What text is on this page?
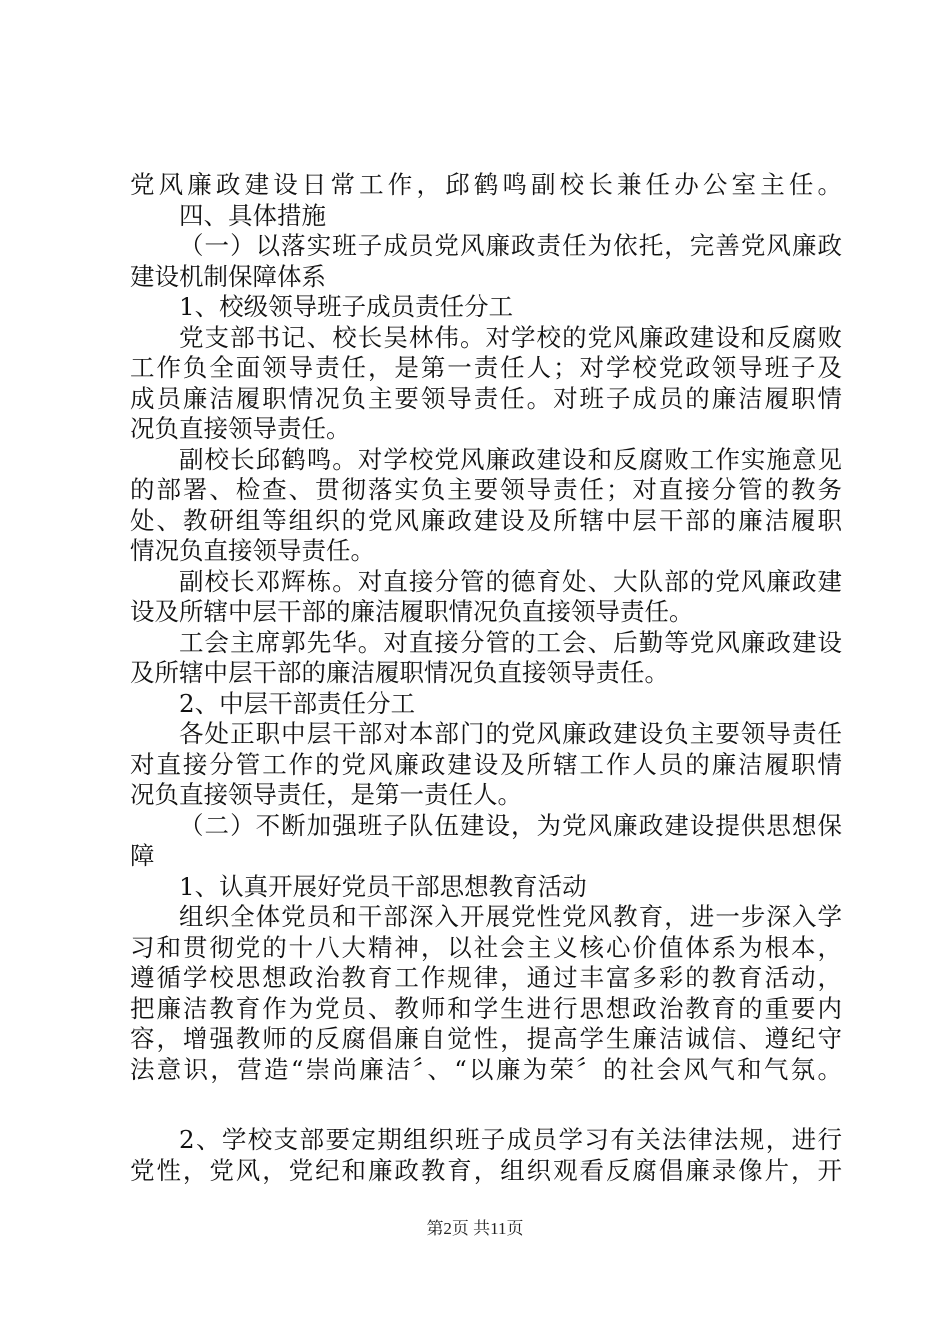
党风廉政建设日常工作，邱鹤鸣副校长兼任办公室主任。
四、具体措施
（一）以落实班子成员党风廉政责任为依托，完善党风廉政
建设机制保障体系
1、校级领导班子成员责任分工
党支部书记、校长吴林伟。对学校的党风廉政建设和反腐败
工作负全面领导责任，是第一责任人；对学校党政领导班子及
成员廉洁履职情况负主要领导责任。对班子成员的廉洁履职情
况负直接领导责任。
副校长邱鹤鸣。对学校党风廉政建设和反腐败工作实施意见
的部署、检查、贯彻落实负主要领导责任；对直接分管的教务
处、教研组等组织的党风廉政建设及所辖中层干部的廉洁履职
情况负直接领导责任。
副校长邓辉栋。对直接分管的德育处、大队部的党风廉政建
设及所辖中层干部的廉洁履职情况负直接领导责任。
工会主席郭先华。对直接分管的工会、后勤等党风廉政建设
及所辖中层干部的廉洁履职情况负直接领导责任。
2、中层干部责任分工
各处正职中层干部对本部门的党风廉政建设负主要领导责任
对直接分管工作的党风廉政建设及所辖工作人员的廉洁履职情
况负直接领导责任，是第一责任人。
（二）不断加强班子队伍建设，为党风廉政建设提供思想保
障
1、认真开展好党员干部思想教育活动
组织全体党员和干部深入开展党性党风教育，进一步深入学
习和贯彻党的十八大精神，以社会主义核心价值体系为根本，
遵循学校思想政治教育工作规律，通过丰富多彩的教育活动，
把廉洁教育作为党员、教师和学生进行思想政治教育的重要内
容，增强教师的反腐倡廉自觉性，提高学生廉洁诚信、遵纪守
法意识，营造“崇尚廉洁〞、“以廉为荣〞的社会风气和气氛。
2、学校支部要定期组织班子成员学习有关法律法规，进行
党性，党风，党纪和廉政教育，组织观看反腐倡廉录像片，开
第2页 共11页
